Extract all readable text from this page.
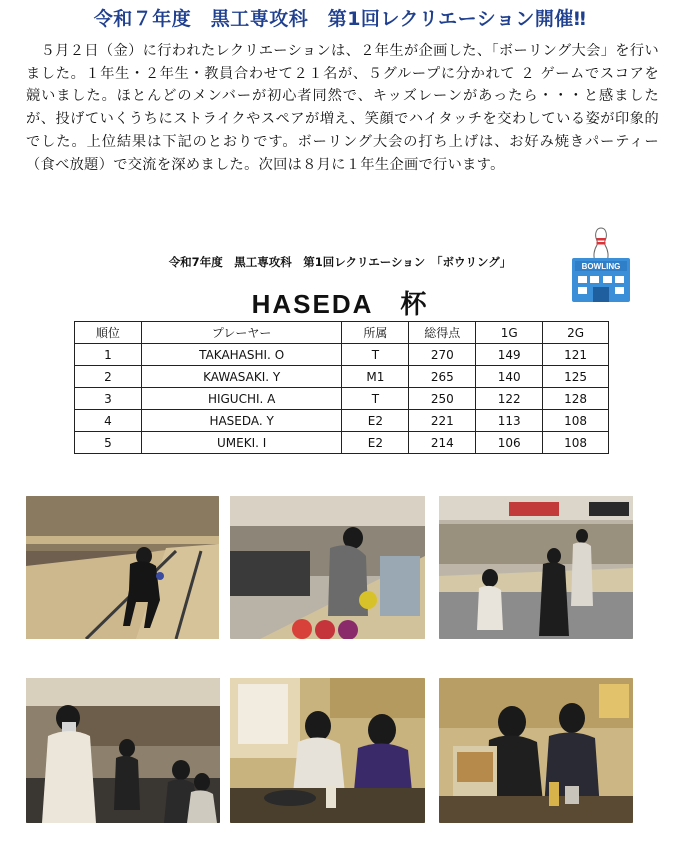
令和７年度　黒工専攻科　第1回レクリエーション開催‼
　５月２日（金）に行われたレクリエーションは、２年生が企画した、「ボーリング大会」を行いました。１年生・２年生・教員合わせて２１名が、５グループに分かれて ２ ゲームでスコアを競いました。ほとんどのメンバーが初心者同然で、キッズレーンがあったら・・・と感ましたが、投げていくうちにストライクやスペアが増え、笑顔でハイタッチを交わしている姿が印象的でした。上位結果は下記のとおりです。ボーリング大会の打ち上げは、お好み焼きパーティー（食べ放題）で交流を深めました。次回は８月に１年生企画で行います。
令和7年度　黒工専攻科　第1回レクリエーション　「ボウリング」	BOWLING
HASEDA　杯
順位	プレーヤー	所属	総得点	1G	2G
1	TAKAHASHI. O	T	270	149	121
2	KAWASAKI. Y	M1	265	140	125
3	HIGUCHI. A	T	250	122	128
4	HASEDA. Y	E2	221	113	108
5	UMEKI. I	E2	214	106	108
